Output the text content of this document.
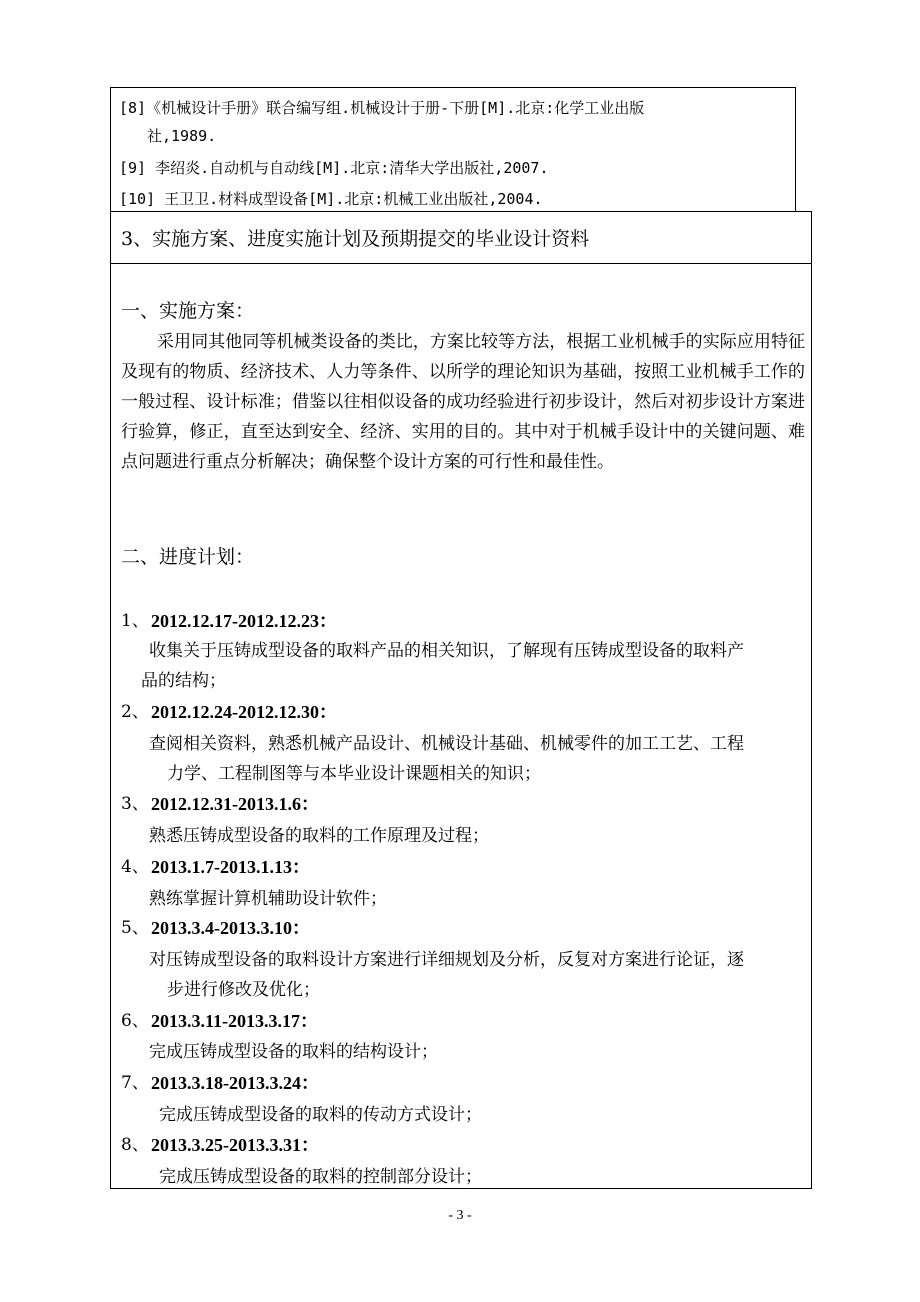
[8]《机械设计手册》联合编写组.机械设计于册-下册[M].北京:化学工业出版
社,1989.
[9] 李绍炎.自动机与自动线[M].北京:清华大学出版社,2007.
[10] 王卫卫.材料成型设备[M].北京:机械工业出版社,2004.
3、实施方案、进度实施计划及预期提交的毕业设计资料
一、实施方案：

采用同其他同等机械类设备的类比，方案比较等方法，根据工业机械手的实际应用特征及现有的物质、经济技术、人力等条件、以所学的理论知识为基础，按照工业机械手工作的一般过程、设计标准；借鉴以往相似设备的成功经验进行初步设计，然后对初步设计方案进行验算，修正，直至达到安全、经济、实用的目的。其中对于机械手设计中的关键问题、难点问题进行重点分析解决；确保整个设计方案的可行性和最佳性。

二、进度计划：
1、 2012.12.17-2012.12.23：
收集关于压铸成型设备的取料产品的相关知识，了解现有压铸成型设备的取料产
品的结构；
2、 2012.12.24-2012.12.30：
查阅相关资料，熟悉机械产品设计、机械设计基础、机械零件的加工工艺、工程
力学、工程制图等与本毕业设计课题相关的知识；
3、 2012.12.31-2013.1.6：
熟悉压铸成型设备的取料的工作原理及过程；
4、 2013.1.7-2013.1.13：
熟练掌握计算机辅助设计软件；
5、 2013.3.4-2013.3.10：
对压铸成型设备的取料设计方案进行详细规划及分析，反复对方案进行论证，逐
步进行修改及优化；
6、 2013.3.11-2013.3.17：
完成压铸成型设备的取料的结构设计；
7、 2013.3.18-2013.3.24：
完成压铸成型设备的取料的传动方式设计；
8、 2013.3.25-2013.3.31：
完成压铸成型设备的取料的控制部分设计；
- 3 -
